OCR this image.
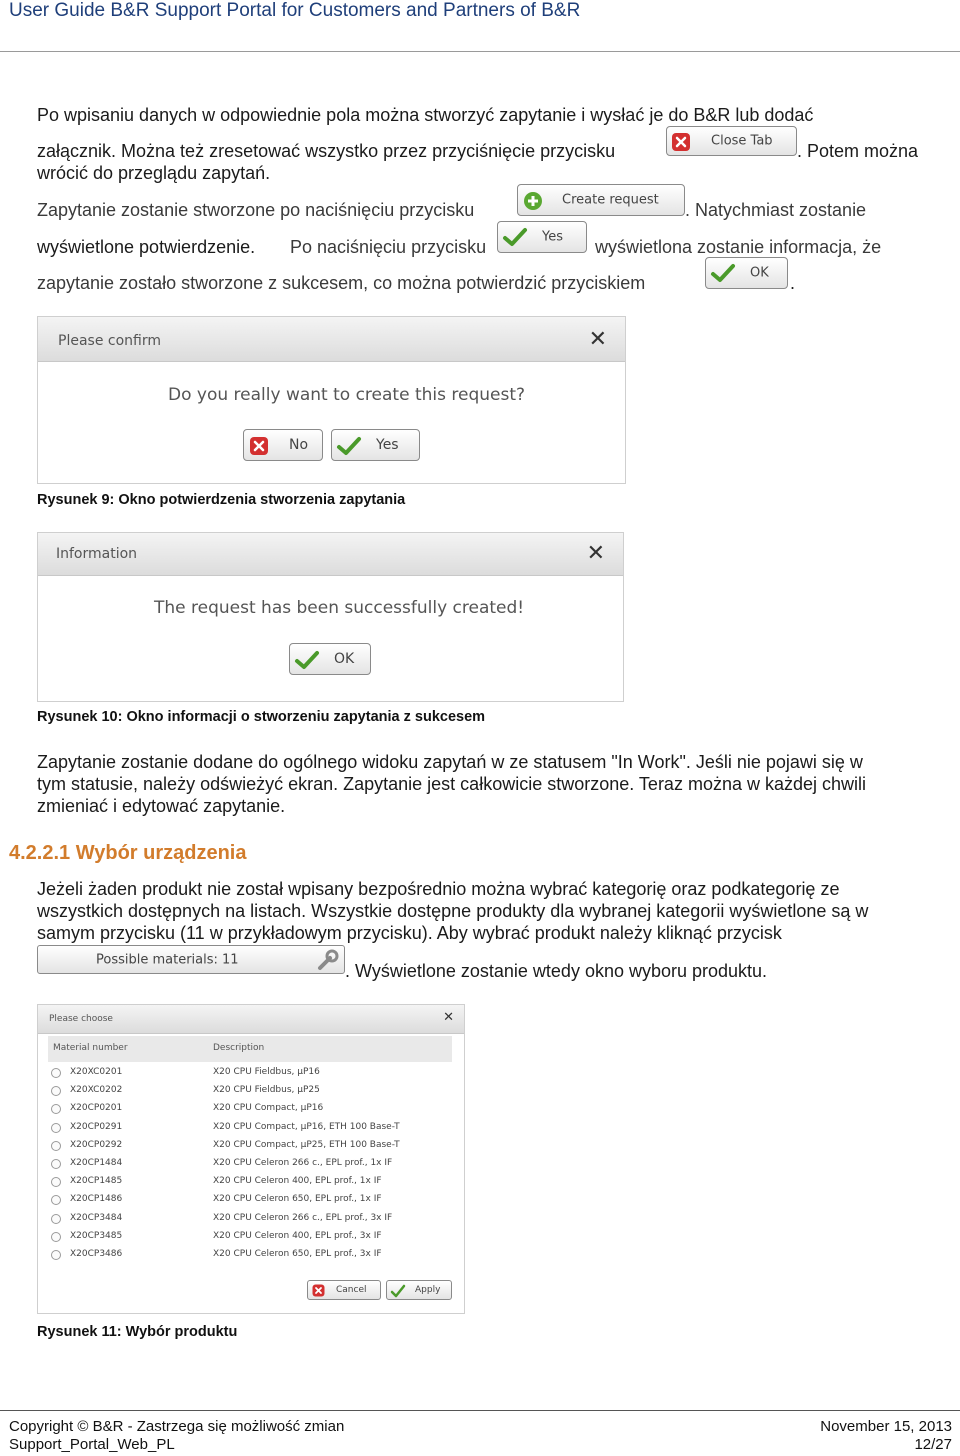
User Guide B&R Support Portal for Customers and Partners of B&R
Po wpisaniu danych w odpowiednie pola można stworzyć zapytanie i wysłać je do B&R lub dodać
załącznik. Można też zresetować wszystko przez przyciśnięcie przycisku	Close Tab . Potem można
wrócić do przeglądu zapytań.
Zapytanie zostanie stworzone po naciśnięciu przycisku	Create request . Natychmiast zostanie
wyświetlone potwierdzenie. Po naciśnięciu przycisku	Yes wyświetlona zostanie informacja, że
zapytanie zostało stworzone z sukcesem, co można potwierdzić przyciskiem	OK .
Please confirm	✕
Do you really want to create this request?
No	Yes
Rysunek 9: Okno potwierdzenia stworzenia zapytania
Information	✕
The request has been successfully created!
OK
Rysunek 10: Okno informacji o stworzeniu zapytania z sukcesem
Zapytanie zostanie dodane do ogólnego widoku zapytań w ze statusem "In Work". Jeśli nie pojawi się w
tym statusie, należy odświeżyć ekran. Zapytanie jest całkowicie stworzone. Teraz można w każdej chwili
zmieniać i edytować zapytanie.
4.2.2.1 Wybór urządzenia
Jeżeli żaden produkt nie został wpisany bezpośrednio można wybrać kategorię oraz podkategorię ze
wszystkich dostępnych na listach. Wszystkie dostępne produkty dla wybranej kategorii wyświetlone są w
samym przycisku (11 w przykładowym przycisku). Aby wybrać produkt należy kliknąć przycisk
Possible materials: 11
. Wyświetlone zostanie wtedy okno wyboru produktu.
Please choose	✕
Material number	Description
X20XC0201	X20 CPU Fieldbus, µP16
X20XC0202	X20 CPU Fieldbus, µP25
X20CP0201	X20 CPU Compact, µP16
X20CP0291	X20 CPU Compact, µP16, ETH 100 Base-T
X20CP0292	X20 CPU Compact, µP25, ETH 100 Base-T
X20CP1484	X20 CPU Celeron 266 c., EPL prof., 1x IF
X20CP1485	X20 CPU Celeron 400, EPL prof., 1x IF
X20CP1486	X20 CPU Celeron 650, EPL prof., 1x IF
X20CP3484	X20 CPU Celeron 266 c., EPL prof., 3x IF
X20CP3485	X20 CPU Celeron 400, EPL prof., 3x IF
X20CP3486	X20 CPU Celeron 650, EPL prof., 3x IF
Cancel	Apply
Rysunek 11: Wybór produktu
Copyright © B&R - Zastrzega się możliwość zmian
Support_Portal_Web_PL
November 15, 2013
12/27
